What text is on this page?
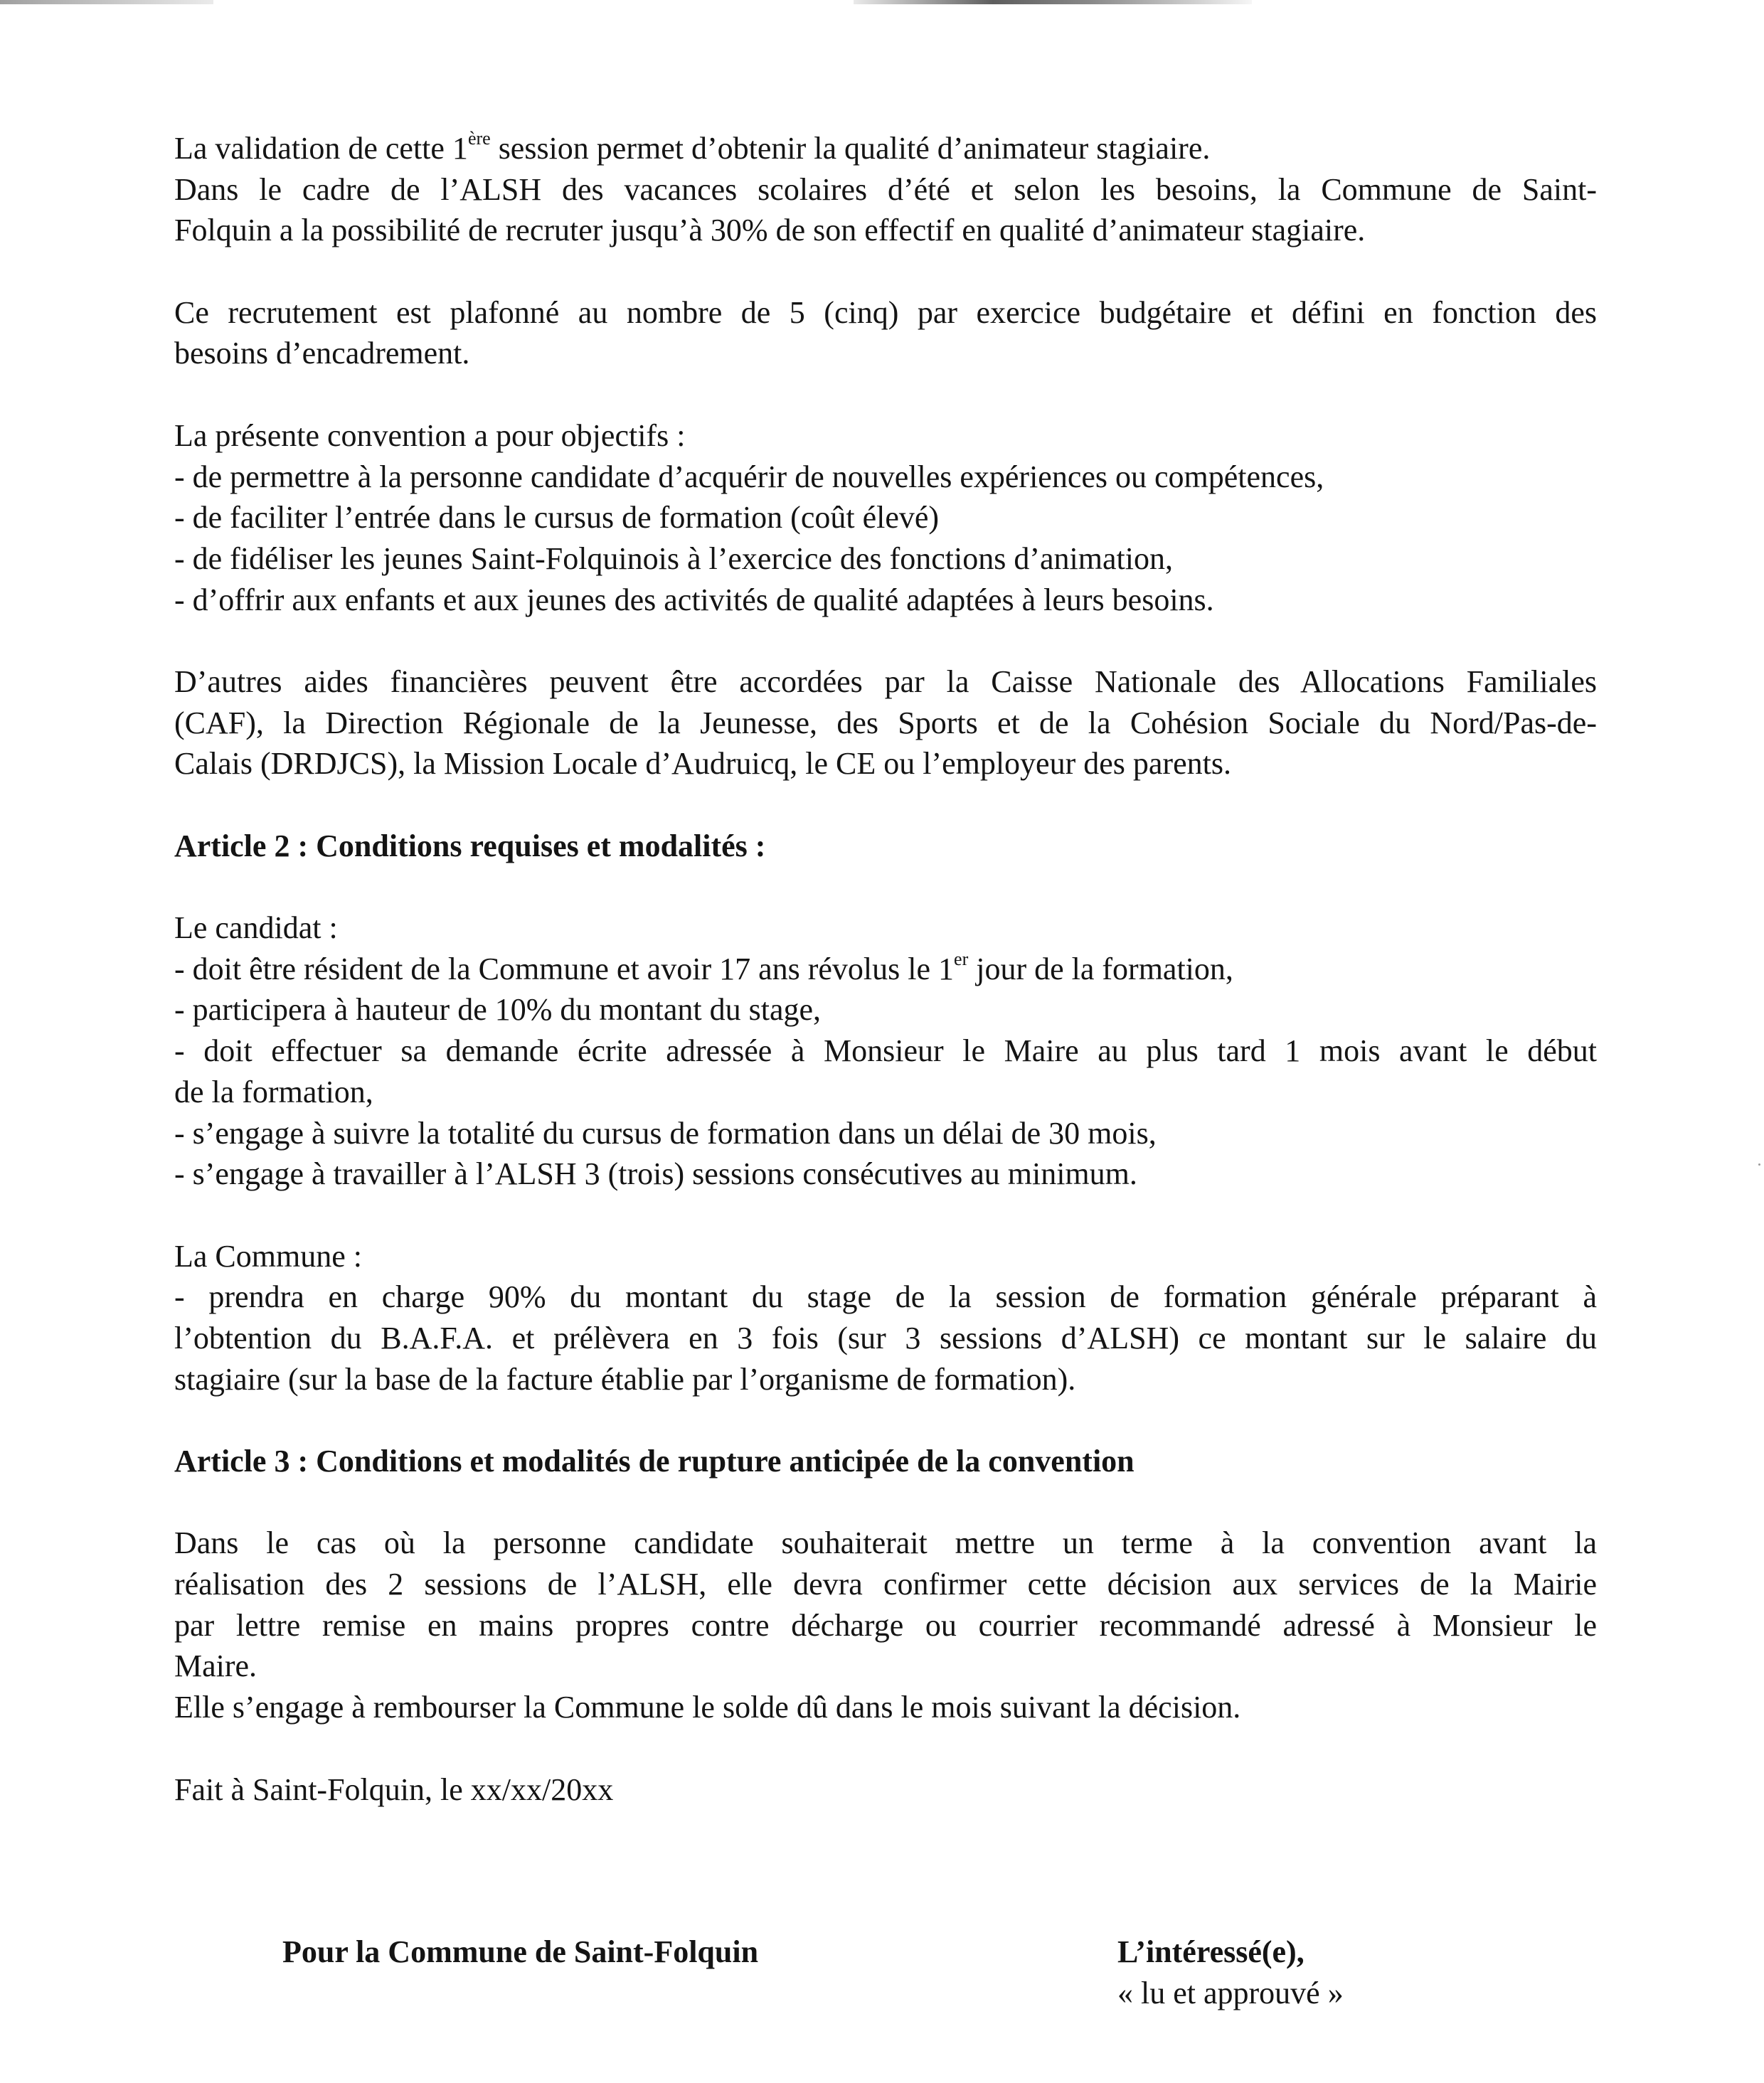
La validation de cette 1ère session permet d’obtenir la qualité d’animateur stagiaire.
Dans le cadre de l’ALSH des vacances scolaires d’été et selon les besoins, la Commune de Saint-
Folquin a la possibilité de recruter jusqu’à 30% de son effectif en qualité d’animateur stagiaire.
Ce recrutement est plafonné au nombre de 5 (cinq) par exercice budgétaire et défini en fonction des
besoins d’encadrement.
La présente convention a pour objectifs :
- de permettre à la personne candidate d’acquérir de nouvelles expériences ou compétences,
- de faciliter l’entrée dans le cursus de formation (coût élevé)
- de fidéliser les jeunes Saint-Folquinois à l’exercice des fonctions d’animation,
- d’offrir aux enfants et aux jeunes des activités de qualité adaptées à leurs besoins.
D’autres aides financières peuvent être accordées par la Caisse Nationale des Allocations Familiales
(CAF), la Direction Régionale de la Jeunesse, des Sports et de la Cohésion Sociale du Nord/Pas-de-
Calais (DRDJCS), la Mission Locale d’Audruicq, le CE ou l’employeur des parents.
Article 2 : Conditions requises et modalités :
Le candidat :
- doit être résident de la Commune et avoir 17 ans révolus le 1er jour de la formation,
- participera à hauteur de 10% du montant du stage,
- doit effectuer sa demande écrite adressée à Monsieur le Maire au plus tard 1 mois avant le début
de la formation,
- s’engage à suivre la totalité du cursus de formation dans un délai de 30 mois,
- s’engage à travailler à l’ALSH 3 (trois) sessions consécutives au minimum.
La Commune :
- prendra en charge 90% du montant du stage de la session de formation générale préparant à
l’obtention du B.A.F.A. et prélèvera en 3 fois (sur 3 sessions d’ALSH) ce montant sur le salaire du
stagiaire (sur la base de la facture établie par l’organisme de formation).
Article 3 : Conditions et modalités de rupture anticipée de la convention
Dans le cas où la personne candidate souhaiterait mettre un terme à la convention avant la
réalisation des 2 sessions de l’ALSH, elle devra confirmer cette décision aux services de la Mairie
par lettre remise en mains propres contre décharge ou courrier recommandé adressé à Monsieur le
Maire.
Elle s’engage à rembourser la Commune le solde dû dans le mois suivant la décision.
Fait à Saint-Folquin, le xx/xx/20xx
Pour la Commune de Saint-Folquin	L’intéressé(e),
« lu et approuvé »
